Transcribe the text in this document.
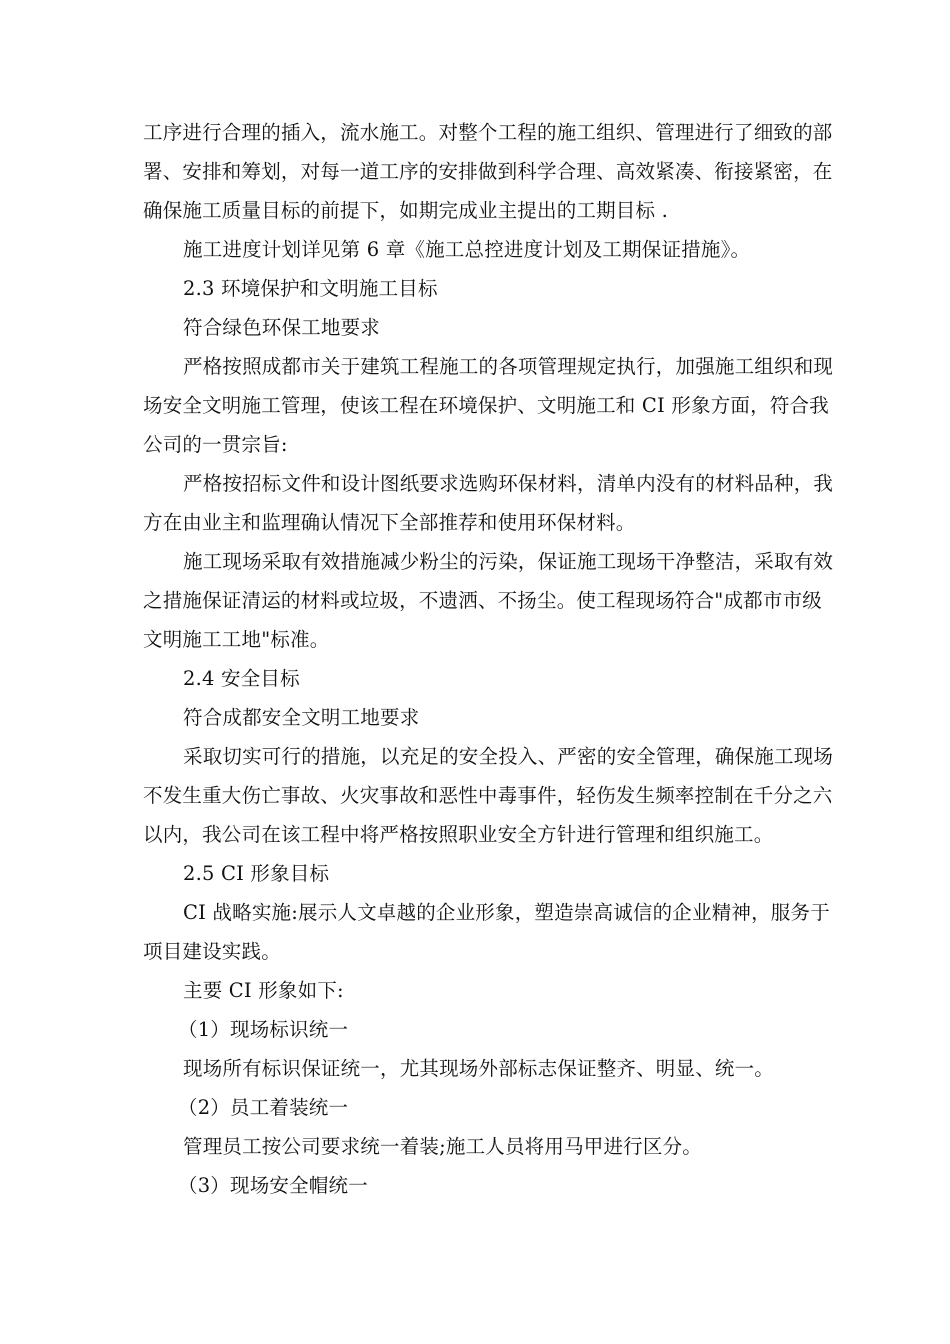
工序进行合理的插入，流水施工。对整个工程的施工组织、管理进行了细致的部
署、安排和筹划，对每一道工序的安排做到科学合理、高效紧凑、衔接紧密，在
确保施工质量目标的前提下，如期完成业主提出的工期目标 .
施工进度计划详见第 6 章《施工总控进度计划及工期保证措施》。
2.3 环境保护和文明施工目标
符合绿色环保工地要求
严格按照成都市关于建筑工程施工的各项管理规定执行，加强施工组织和现
场安全文明施工管理，使该工程在环境保护、文明施工和 CI 形象方面，符合我
公司的一贯宗旨:
严格按招标文件和设计图纸要求选购环保材料，清单内没有的材料品种，我
方在由业主和监理确认情况下全部推荐和使用环保材料。
施工现场采取有效措施减少粉尘的污染，保证施工现场干净整洁，采取有效
之措施保证清运的材料或垃圾，不遗洒、不扬尘。使工程现场符合"成都市市级
文明施工工地"标准。
2.4 安全目标
符合成都安全文明工地要求
采取切实可行的措施，以充足的安全投入、严密的安全管理，确保施工现场
不发生重大伤亡事故、火灾事故和恶性中毒事件，轻伤发生频率控制在千分之六
以内，我公司在该工程中将严格按照职业安全方针进行管理和组织施工。
2.5 CI 形象目标
CI 战略实施:展示人文卓越的企业形象，塑造崇高诚信的企业精神，服务于
项目建设实践。
主要 CI 形象如下:
（1）现场标识统一
现场所有标识保证统一，尤其现场外部标志保证整齐、明显、统一。
（2）员工着装统一
管理员工按公司要求统一着装;施工人员将用马甲进行区分。
（3）现场安全帽统一
